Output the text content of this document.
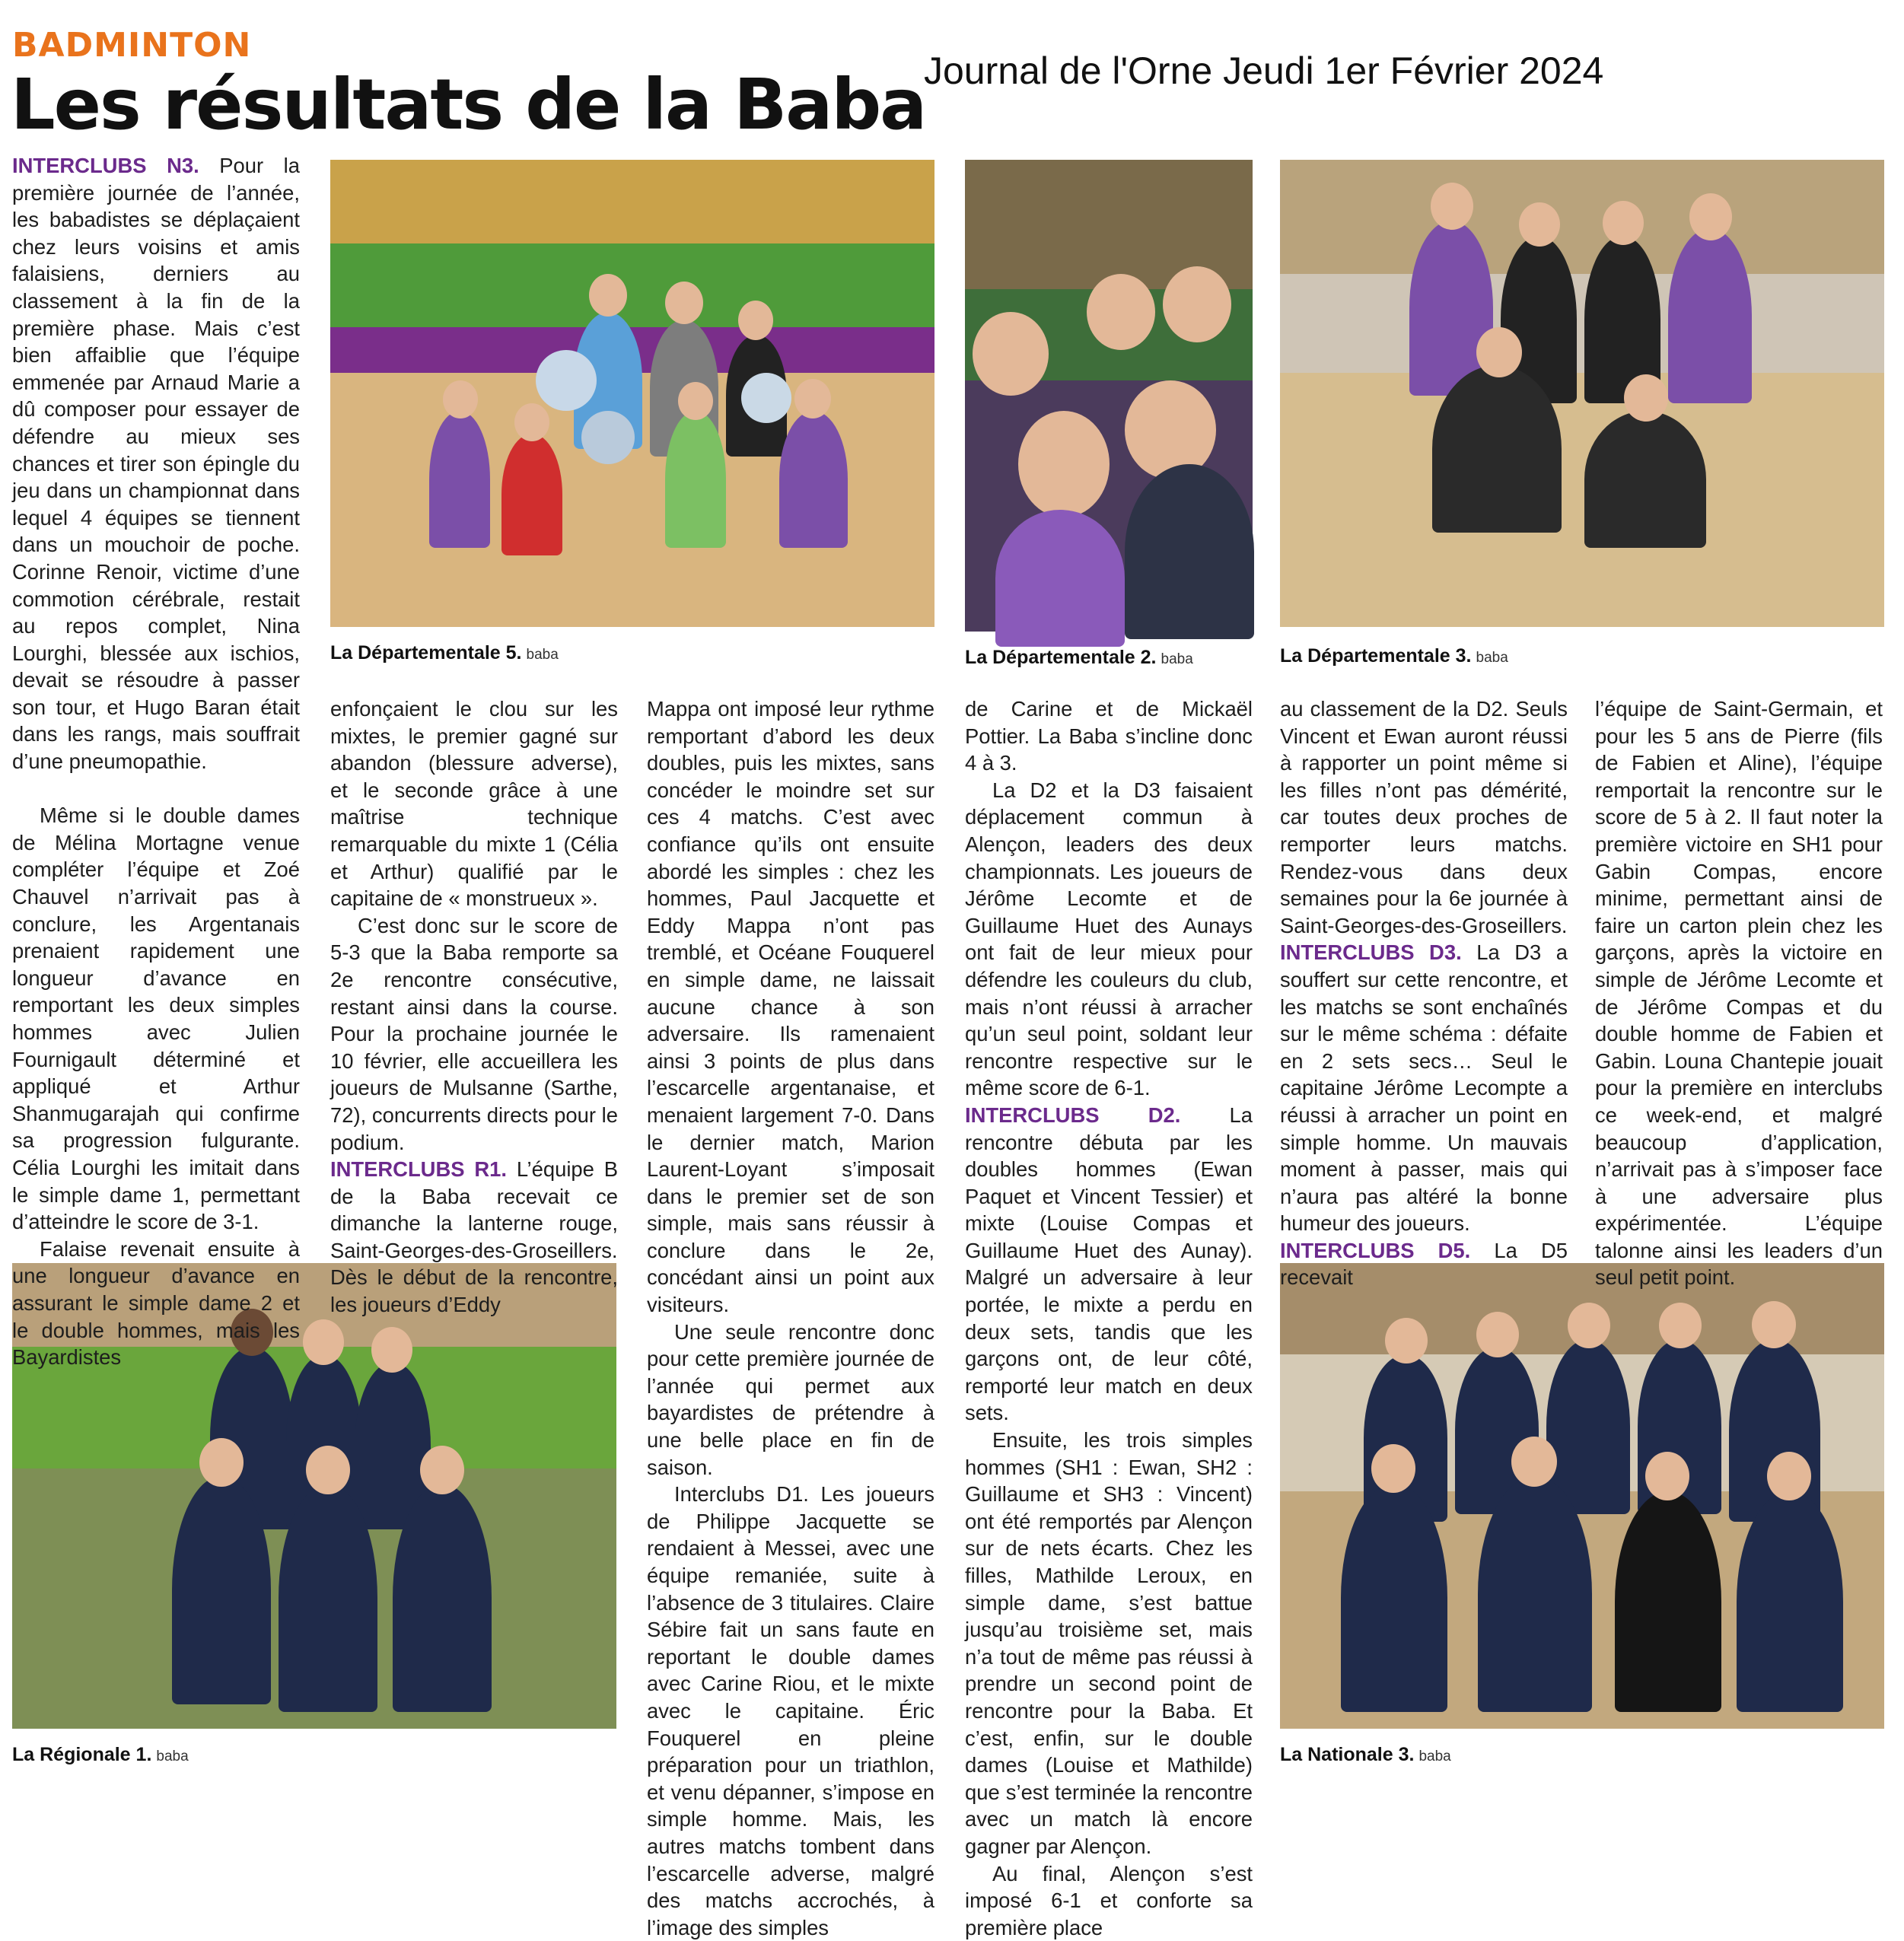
BADMINTON
Les résultats de la Baba
Journal de l'Orne Jeudi 1er Février 2024
La Départementale 5. baba	La Départementale 2. baba	La Départementale 3. baba
La Régionale 1. baba	La Nationale 3. baba

INTERCLUBS N3. Pour la première journée de l’année, les babadistes se déplaçaient chez leurs voisins et amis falaisiens, derniers au classement à la fin de la première phase. Mais c’est bien affaiblie que l’équipe emmenée par Arnaud Marie a dû composer pour essayer de défendre au mieux ses chances et tirer son épingle du jeu dans un championnat dans lequel 4 équipes se tiennent dans un mouchoir de poche. Corinne Renoir, victime d’une commotion cérébrale, restait au repos complet, Nina Lourghi, blessée aux ischios, devait se résoudre à passer son tour, et Hugo Baran était dans les rangs, mais souffrait d’une pneumopathie.

Même si le double dames de Mélina Mortagne venue compléter l’équipe et Zoé Chauvel n’arrivait pas à conclure, les Argentanais prenaient rapidement une longueur d’avance en remportant les deux simples hommes avec Julien Fournigault déterminé et appliqué et Arthur Shanmugarajah qui confirme sa progression fulgurante. Célia Lourghi les imitait dans le simple dame 1, permettant d’atteindre le score de 3-1.

Falaise revenait ensuite à une longueur d’avance en assurant le simple dame 2 et le double hommes, mais les Bayardistes

enfonçaient le clou sur les mixtes, le premier gagné sur abandon (blessure adverse), et le seconde grâce à une maîtrise technique remarquable du mixte 1 (Célia et Arthur) qualifié par le capitaine de « monstrueux ».

C’est donc sur le score de 5-3 que la Baba remporte sa 2e rencontre consécutive, restant ainsi dans la course. Pour la prochaine journée le 10 février, elle accueillera les joueurs de Mulsanne (Sarthe, 72), concurrents directs pour le podium.

INTERCLUBS R1. L’équipe B de la Baba recevait ce dimanche la lanterne rouge, Saint-Georges-des-Groseillers. Dès le début de la rencontre, les joueurs d’Eddy

Mappa ont imposé leur rythme remportant d’abord les deux doubles, puis les mixtes, sans concéder le moindre set sur ces 4 matchs. C’est avec confiance qu’ils ont ensuite abordé les simples : chez les hommes, Paul Jacquette et Eddy Mappa n’ont pas tremblé, et Océane Fouquerel en simple dame, ne laissait aucune chance à son adversaire. Ils ramenaient ainsi 3 points de plus dans l’escarcelle argentanaise, et menaient largement 7-0. Dans le dernier match, Marion Laurent-Loyant s’imposait dans le premier set de son simple, mais sans réussir à conclure dans le 2e, concédant ainsi un point aux visiteurs.

Une seule rencontre donc pour cette première journée de l’année qui permet aux bayardistes de prétendre à une belle place en fin de saison.

Interclubs D1. Les joueurs de Philippe Jacquette se rendaient à Messei, avec une équipe remaniée, suite à l’absence de 3 titulaires. Claire Sébire fait un sans faute en reportant le double dames avec Carine Riou, et le mixte avec le capitaine. Éric Fouquerel en pleine préparation pour un triathlon, et venu dépanner, s’impose en simple homme. Mais, les autres matchs tombent dans l’escarcelle adverse, malgré des matchs accrochés, à l’image des simples

de Carine et de Mickaël Pottier. La Baba s’incline donc 4 à 3.

La D2 et la D3 faisaient déplacement commun à Alençon, leaders des deux championnats. Les joueurs de Jérôme Lecomte et de Guillaume Huet des Aunays ont fait de leur mieux pour défendre les couleurs du club, mais n’ont réussi à arracher qu’un seul point, soldant leur rencontre respective sur le même score de 6-1.

INTERCLUBS D2. La rencontre débuta par les doubles hommes (Ewan Paquet et Vincent Tessier) et mixte (Louise Compas et Guillaume Huet des Aunay). Malgré un adversaire à leur portée, le mixte a perdu en deux sets, tandis que les garçons ont, de leur côté, remporté leur match en deux sets.

Ensuite, les trois simples hommes (SH1 : Ewan, SH2 : Guillaume et SH3 : Vincent) ont été remportés par Alençon sur de nets écarts. Chez les filles, Mathilde Leroux, en simple dame, s’est battue jusqu’au troisième set, mais n’a tout de même pas réussi à prendre un second point de rencontre pour la Baba. Et c’est, enfin, sur le double dames (Louise et Mathilde) que s’est terminée la rencontre avec un match là encore gagner par Alençon.

Au final, Alençon s’est imposé 6-1 et conforte sa première place

au classement de la D2. Seuls Vincent et Ewan auront réussi à rapporter un point même si les filles n’ont pas démérité, car toutes deux proches de remporter leurs matchs. Rendez-vous dans deux semaines pour la 6e journée à Saint-Georges-des-Groseillers.

INTERCLUBS D3. La D3 a souffert sur cette rencontre, et les matchs se sont enchaînés sur le même schéma : défaite en 2 sets secs… Seul le capitaine Jérôme Lecompte a réussi à arracher un point en simple homme. Un mauvais moment à passer, mais qui n’aura pas altéré la bonne humeur des joueurs.

INTERCLUBS D5. La D5 recevait

l’équipe de Saint-Germain, et pour les 5 ans de Pierre (fils de Fabien et Aline), l’équipe remportait la rencontre sur le score de 5 à 2. Il faut noter la première victoire en SH1 pour Gabin Compas, encore minime, permettant ainsi de faire un carton plein chez les garçons, après la victoire en simple de Jérôme Lecomte et de Jérôme Compas et du double homme de Fabien et Gabin. Louna Chantepie jouait pour la première en interclubs ce week-end, et malgré beaucoup d’application, n’arrivait pas à s’imposer face à une adversaire plus expérimentée. L’équipe talonne ainsi les leaders d’un seul petit point.
